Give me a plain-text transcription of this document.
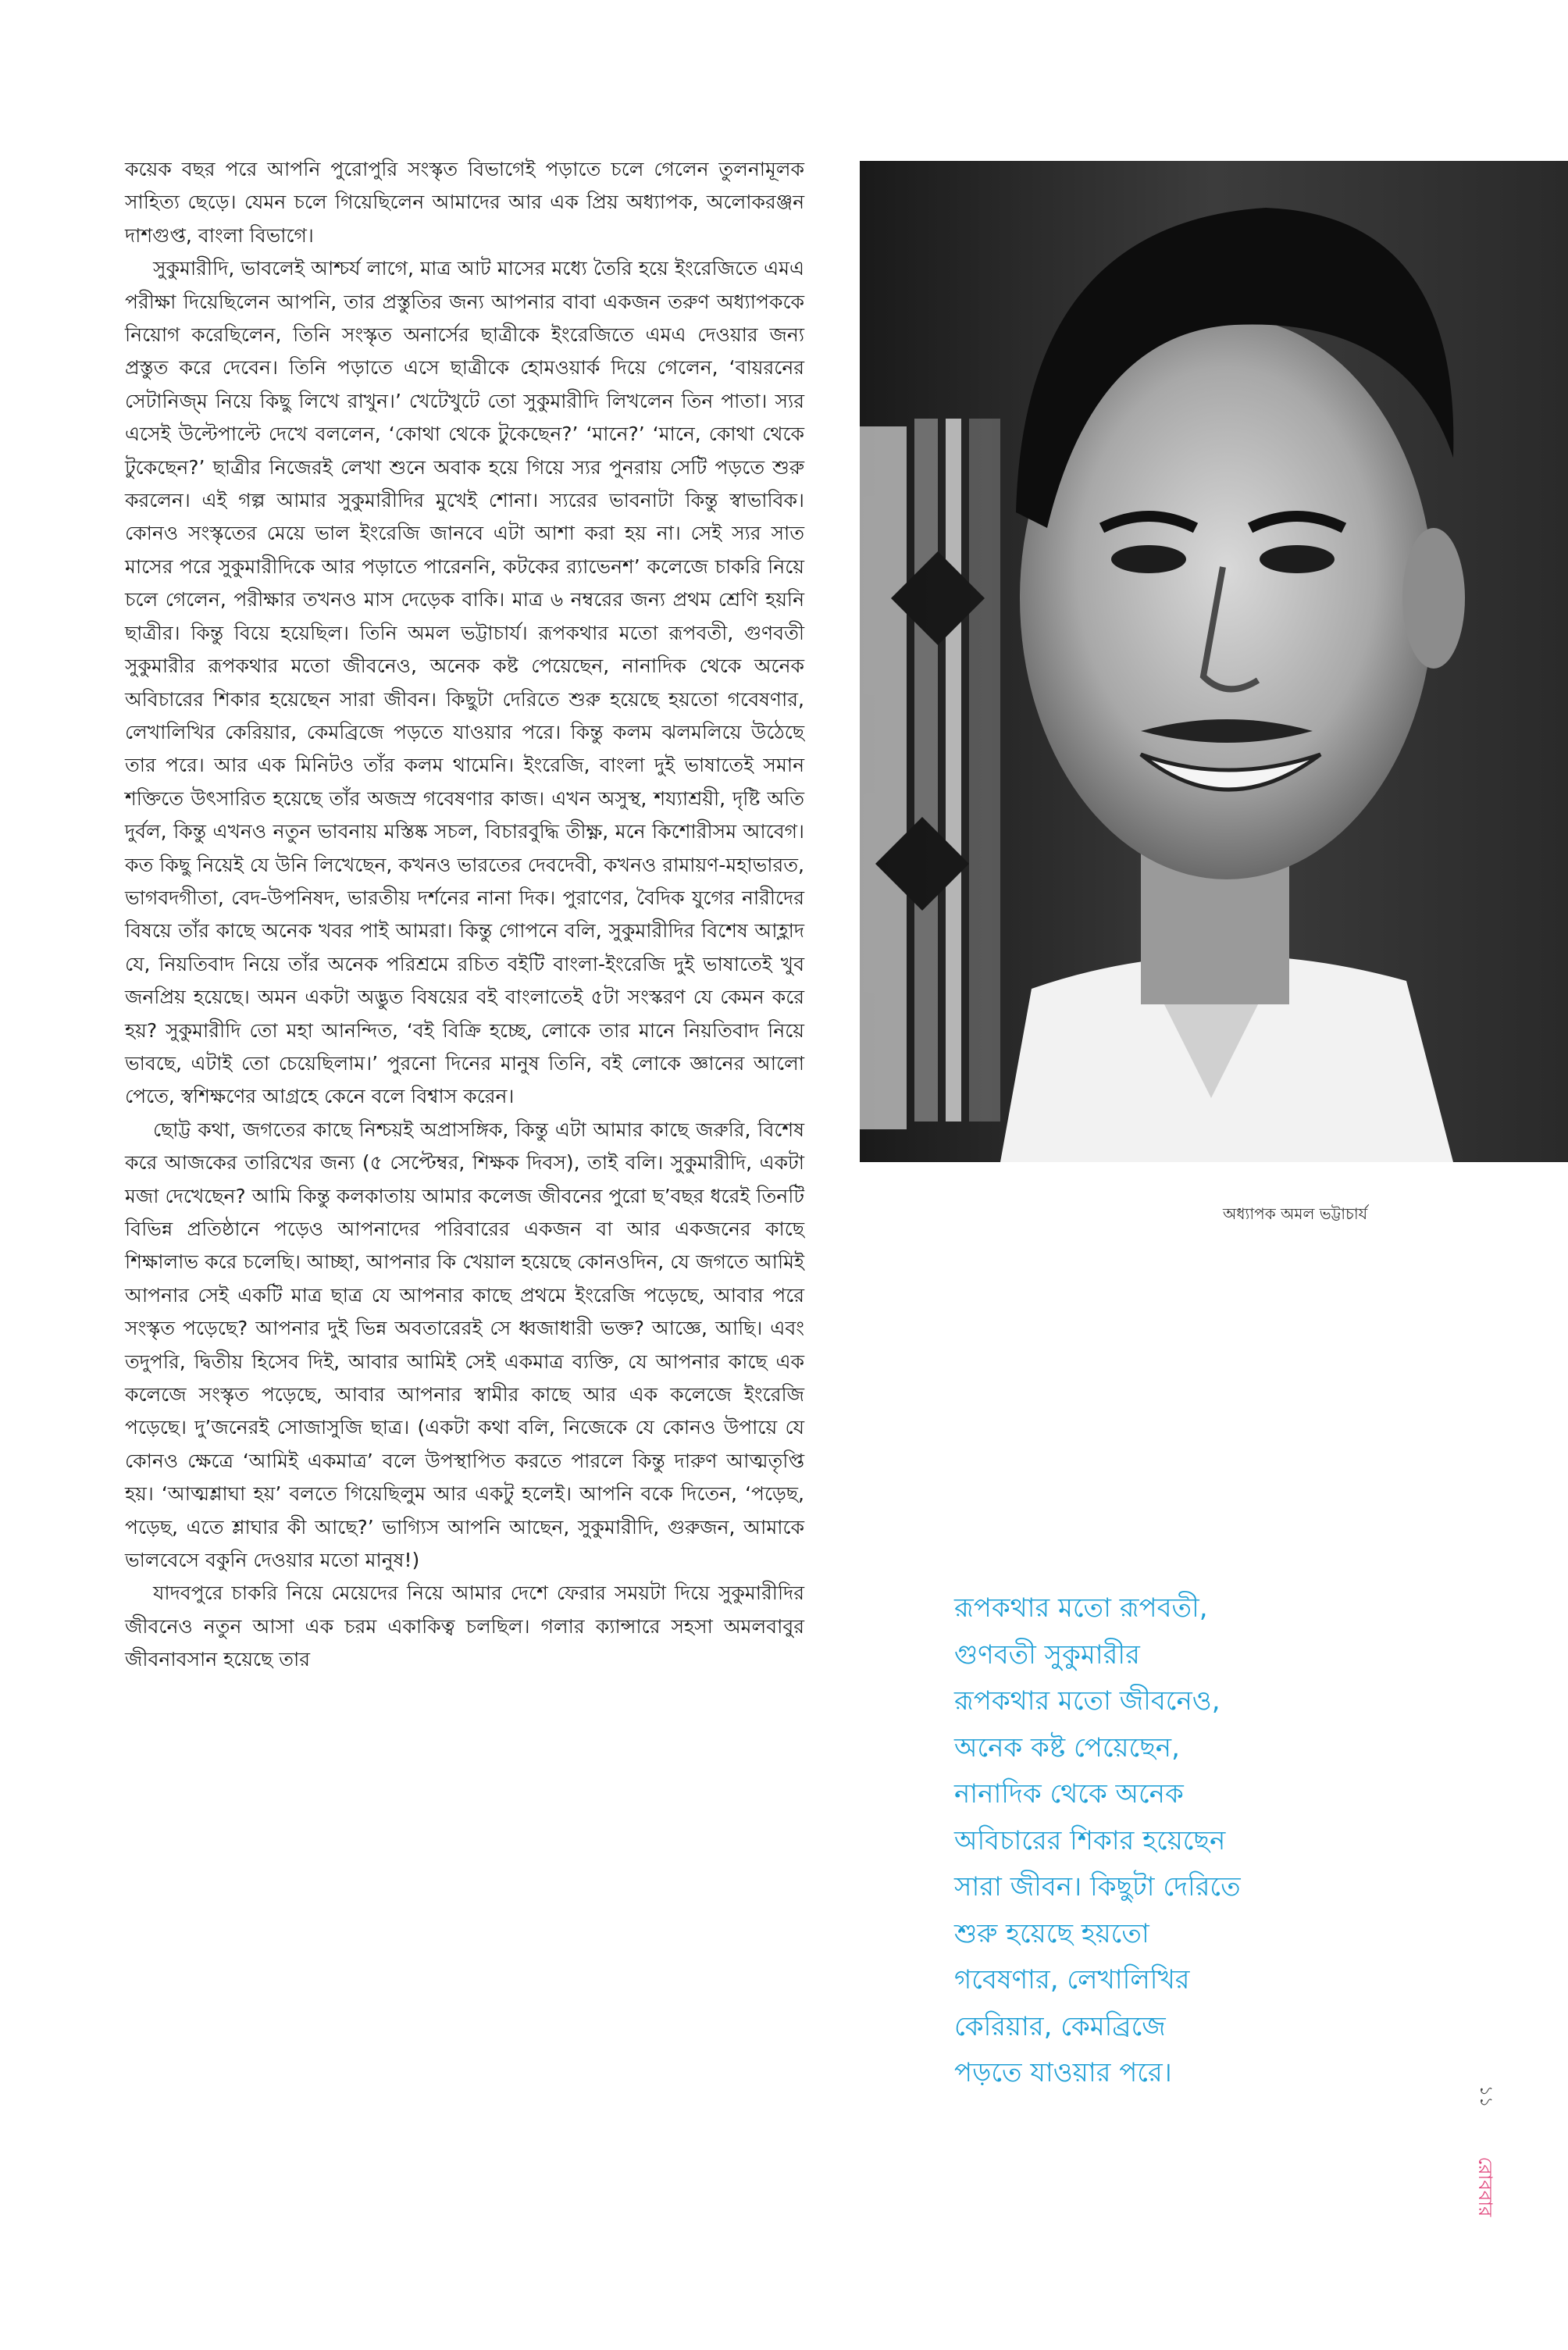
কয়েক বছর পরে আপনি পুরোপুরি সংস্কৃত বিভাগেই পড়াতে চলে গেলেন তুলনামূলক সাহিত্য ছেড়ে। যেমন চলে গিয়েছিলেন আমাদের আর এক প্রিয় অধ্যাপক, অলোকরঞ্জন দাশগুপ্ত, বাংলা বিভাগে।

সুকুমারীদি, ভাবলেই আশ্চর্য লাগে, মাত্র আট মাসের মধ্যে তৈরি হয়ে ইংরেজিতে এমএ পরীক্ষা দিয়েছিলেন আপনি, তার প্রস্তুতির জন্য আপনার বাবা একজন তরুণ অধ্যাপককে নিয়োগ করেছিলেন, তিনি সংস্কৃত অনার্সের ছাত্রীকে ইংরেজিতে এমএ দেওয়ার জন্য প্রস্তুত করে দেবেন। তিনি পড়াতে এসে ছাত্রীকে হোমওয়ার্ক দিয়ে গেলেন, ‘বায়রনের সেটানিজ্‌ম নিয়ে কিছু লিখে রাখুন।’ খেটেখুটে তো সুকুমারীদি লিখলেন তিন পাতা। স্যর এসেই উল্টেপাল্টে দেখে বললেন, ‘কোথা থেকে টুকেছেন?’ ‘মানে?’ ‘মানে, কোথা থেকে টুকেছেন?’ ছাত্রীর নিজেরই লেখা শুনে অবাক হয়ে গিয়ে স্যর পুনরায় সেটি পড়তে শুরু করলেন। এই গল্প আমার সুকুমারীদির মুখেই শোনা। স্যরের ভাবনাটা কিন্তু স্বাভাবিক। কোনও সংস্কৃতের মেয়ে ভাল ইংরেজি জানবে এটা আশা করা হয় না। সেই স্যর সাত মাসের পরে সুকুমারীদিকে আর পড়াতে পারেননি, কটকের র‍্যাভেনশ’ কলেজে চাকরি নিয়ে চলে গেলেন, পরীক্ষার তখনও মাস দেড়েক বাকি। মাত্র ৬ নম্বরের জন্য প্রথম শ্রেণি হয়নি ছাত্রীর। কিন্তু বিয়ে হয়েছিল। তিনি অমল ভট্টাচার্য। রূপকথার মতো রূপবতী, গুণবতী সুকুমারীর রূপকথার মতো জীবনেও, অনেক কষ্ট পেয়েছেন, নানাদিক থেকে অনেক অবিচারের শিকার হয়েছেন সারা জীবন। কিছুটা দেরিতে শুরু হয়েছে হয়তো গবেষণার, লেখালিখির কেরিয়ার, কেমব্রিজে পড়তে যাওয়ার পরে। কিন্তু কলম ঝলমলিয়ে উঠেছে তার পরে। আর এক মিনিটও তাঁর কলম থামেনি। ইংরেজি, বাংলা দুই ভাষাতেই সমান শক্তিতে উৎসারিত হয়েছে তাঁর অজস্র গবেষণার কাজ। এখন অসুস্থ, শয্যাশ্রয়ী, দৃষ্টি অতি দুর্বল, কিন্তু এখনও নতুন ভাবনায় মস্তিষ্ক সচল, বিচারবুদ্ধি তীক্ষ্ণ, মনে কিশোরীসম আবেগ। কত কিছু নিয়েই যে উনি লিখেছেন, কখনও ভারতের দেবদেবী, কখনও রামায়ণ-মহাভারত, ভাগবদগীতা, বেদ-উপনিষদ, ভারতীয় দর্শনের নানা দিক। পুরাণের, বৈদিক যুগের নারীদের বিষয়ে তাঁর কাছে অনেক খবর পাই আমরা। কিন্তু গোপনে বলি, সুকুমারীদির বিশেষ আহ্লাদ যে, নিয়তিবাদ নিয়ে তাঁর অনেক পরিশ্রমে রচিত বইটি বাংলা-ইংরেজি দুই ভাষাতেই খুব জনপ্রিয় হয়েছে। অমন একটা অদ্ভুত বিষয়ের বই বাংলাতেই ৫টা সংস্করণ যে কেমন করে হয়? সুকুমারীদি তো মহা আনন্দিত, ‘বই বিক্রি হচ্ছে, লোকে তার মানে নিয়তিবাদ নিয়ে ভাবছে, এটাই তো চেয়েছিলাম।’ পুরনো দিনের মানুষ তিনি, বই লোকে জ্ঞানের আলো পেতে, স্বশিক্ষণের আগ্রহে কেনে বলে বিশ্বাস করেন।

ছোট্ট কথা, জগতের কাছে নিশ্চয়ই অপ্রাসঙ্গিক, কিন্তু এটা আমার কাছে জরুরি, বিশেষ করে আজকের তারিখের জন্য (৫ সেপ্টেম্বর, শিক্ষক দিবস), তাই বলি। সুকুমারীদি, একটা মজা দেখেছেন? আমি কিন্তু কলকাতায় আমার কলেজ জীবনের পুরো ছ’বছর ধরেই তিনটি বিভিন্ন প্রতিষ্ঠানে পড়েও আপনাদের পরিবারের একজন বা আর একজনের কাছে শিক্ষালাভ করে চলেছি। আচ্ছা, আপনার কি খেয়াল হয়েছে কোনওদিন, যে জগতে আমিই আপনার সেই একটি মাত্র ছাত্র যে আপনার কাছে প্রথমে ইংরেজি পড়েছে, আবার পরে সংস্কৃত পড়েছে? আপনার দুই ভিন্ন অবতারেরই সে ধ্বজাধারী ভক্ত? আজ্ঞে, আছি। এবং তদুপরি, দ্বিতীয় হিসেব দিই, আবার আমিই সেই একমাত্র ব্যক্তি, যে আপনার কাছে এক কলেজে সংস্কৃত পড়েছে, আবার আপনার স্বামীর কাছে আর এক কলেজে ইংরেজি পড়েছে। দু’জনেরই সোজাসুজি ছাত্র। (একটা কথা বলি, নিজেকে যে কোনও উপায়ে যে কোনও ক্ষেত্রে ‘আমিই একমাত্র’ বলে উপস্থাপিত করতে পারলে কিন্তু দারুণ আত্মতৃপ্তি হয়। ‘আত্মশ্লাঘা হয়’ বলতে গিয়েছিলুম আর একটু হলেই। আপনি বকে দিতেন, ‘পড়েছ, পড়েছ, এতে শ্লাঘার কী আছে?’ ভাগ্যিস আপনি আছেন, সুকুমারীদি, গুরুজন, আমাকে ভালবেসে বকুনি দেওয়ার মতো মানুষ!)

যাদবপুরে চাকরি নিয়ে মেয়েদের নিয়ে আমার দেশে ফেরার সময়টা দিয়ে সুকুমারীদির জীবনেও নতুন আসা এক চরম একাকিত্ব চলছিল। গলার ক্যান্সারে সহসা অমলবাবুর জীবনাবসান হয়েছে তার

অধ্যাপক অমল ভট্টাচার্য
রূপকথার মতো রূপবতী,
গুণবতী সুকুমারীর
রূপকথার মতো জীবনেও,
অনেক কষ্ট পেয়েছেন,
নানাদিক থেকে অনেক
অবিচারের শিকার হয়েছেন
সারা জীবন। কিছুটা দেরিতে
শুরু হয়েছে হয়তো
গবেষণার, লেখালিখির
কেরিয়ার, কেমব্রিজে
পড়তে যাওয়ার পরে।
১১
রোববার
